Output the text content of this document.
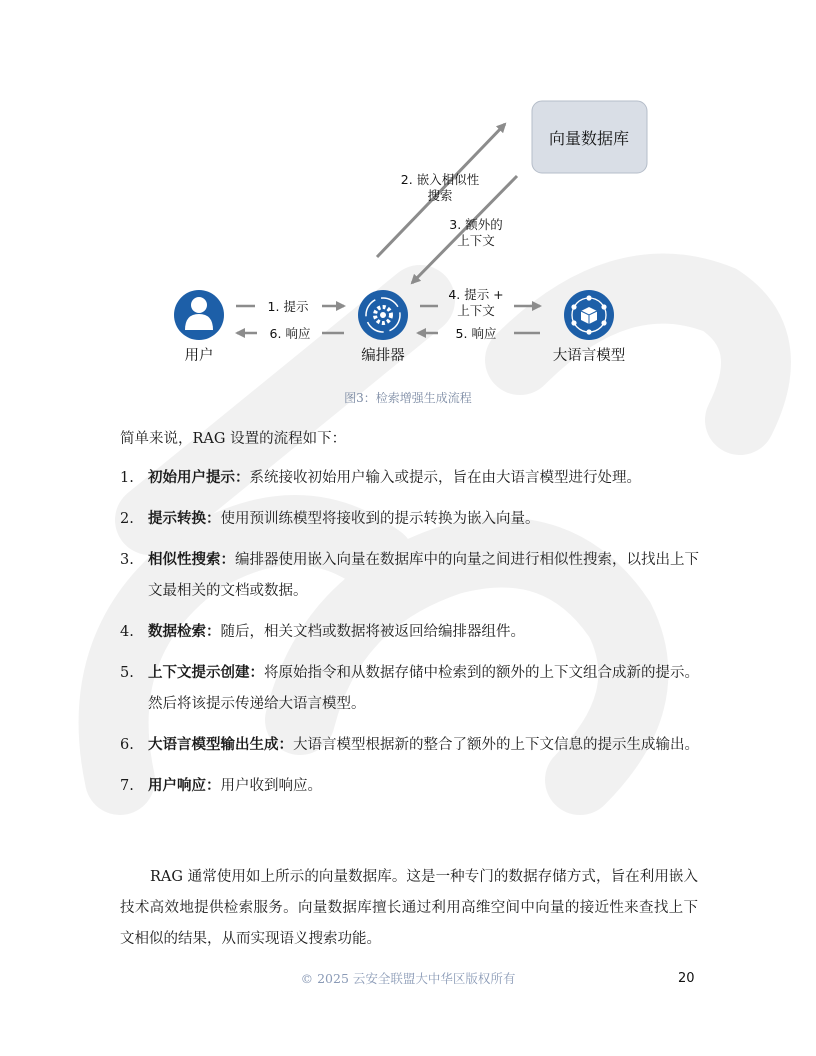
向量数据库
2. 嵌入相似性
搜索
3. 额外的
上下文
用户	编排器	大语言模型
1. 提示
6. 响应
4. 提示 +
上下文
5. 响应
图3：检索增强生成流程
简单来说，RAG 设置的流程如下：
1. 初始用户提示：系统接收初始用户输入或提示，旨在由大语言模型进行处理。
2. 提示转换：使用预训练模型将接收到的提示转换为嵌入向量。
3. 相似性搜索：编排器使用嵌入向量在数据库中的向量之间进行相似性搜索，以找出上下文最相关的文档或数据。
4. 数据检索：随后，相关文档或数据将被返回给编排器组件。
5. 上下文提示创建：将原始指令和从数据存储中检索到的额外的上下文组合成新的提示。然后将该提示传递给大语言模型。
6. 大语言模型输出生成：大语言模型根据新的整合了额外的上下文信息的提示生成输出。
7. 用户响应：用户收到响应。
RAG 通常使用如上所示的向量数据库。这是一种专门的数据存储方式，旨在利用嵌入技术高效地提供检索服务。向量数据库擅长通过利用高维空间中向量的接近性来查找上下文相似的结果，从而实现语义搜索功能。
© 2025 云安全联盟大中华区版权所有	20
